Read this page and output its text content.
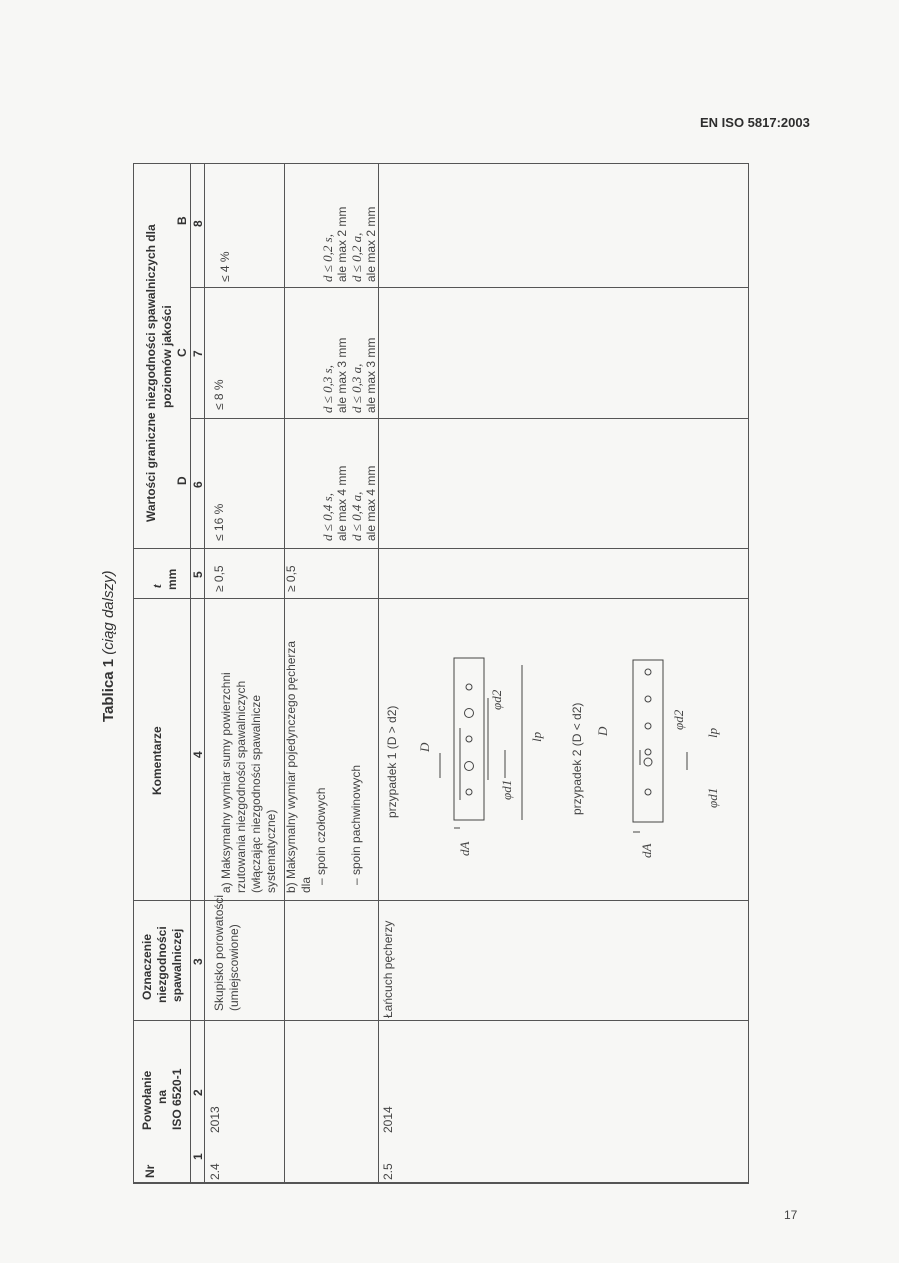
EN ISO 5817:2003
Tablica 1 (ciąg dalszy)
Nr
Powołanie na ISO 6520-1
Oznaczenie niezgodności spawalniczej
Komentarze
t mm
Wartości graniczne niezgodności spawalniczych dla poziomów jakości
D
C
B
1
2
3
4
5
6
7
8
2.4
2013
Skupisko porowatości (umiejscowione)
a) Maksymalny wymiar sumy powierzchni rzutowania niezgodności spawalniczych (włączając niezgodności spawalnicze systematyczne)
≥ 0,5
≤ 16 %
≤ 8 %
≤ 4 %
b) Maksymalny wymiar pojedynczego pęcherza dla – spoin czołowych – spoin pachwinowych
≥ 0,5
d ≤ 0,4 s, ale max 4 mm d ≤ 0,4 a, ale max 4 mm
d ≤ 0,3 s, ale max 3 mm d ≤ 0,3 a, ale max 3 mm
d ≤ 0,2 s, ale max 2 mm d ≤ 0,2 a, ale max 2 mm
2.5
2014
Łańcuch pęcherzy
przypadek 1 (D > d2)	przypadek 2 (D < d2)
D
φd2
φd1
lp
dA
D
φd2
φd1
lp
dA
17
